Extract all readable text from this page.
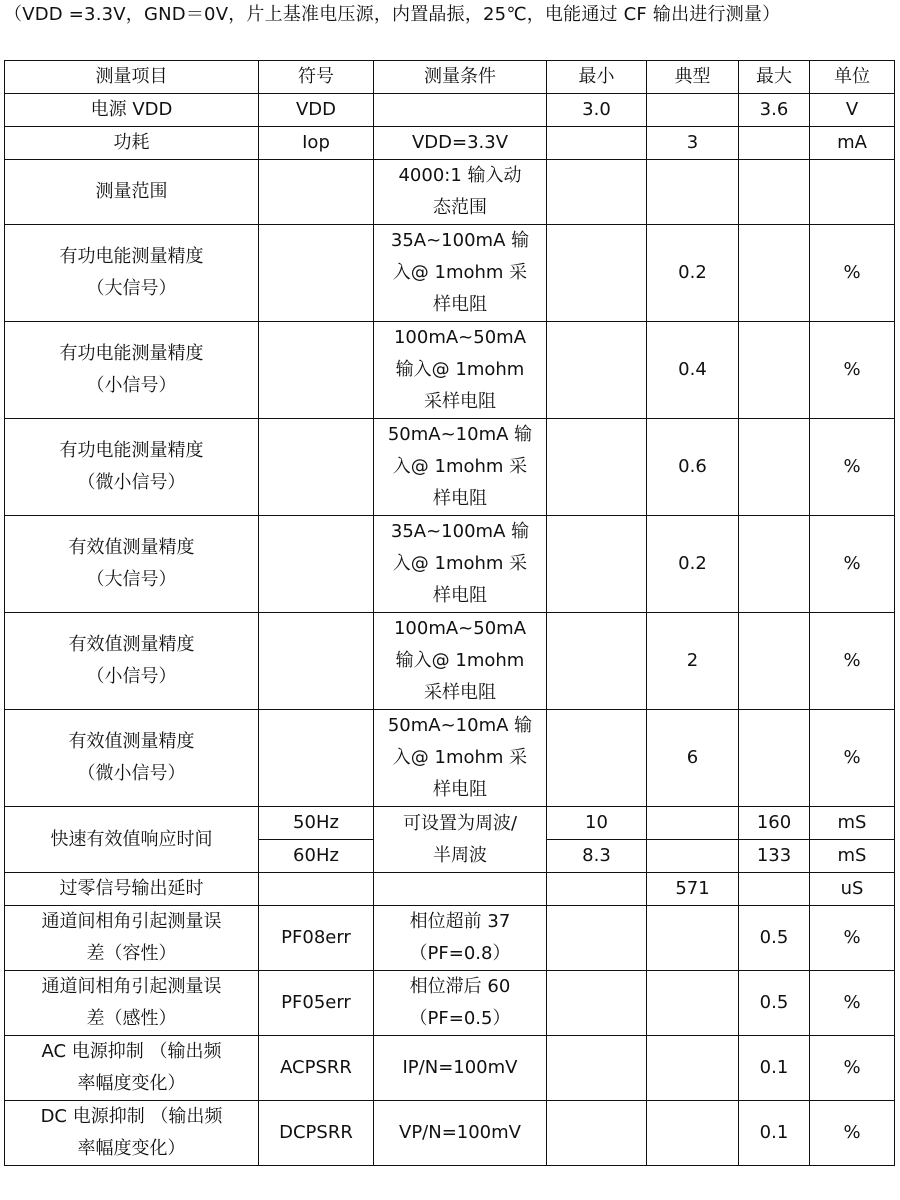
（VDD =3.3V，GND＝0V，片上基准电压源，内置晶振，25℃，电能通过 CF 输出进行测量）
测量项目	符号	测量条件	最小	典型	最大	单位

电源 VDD	VDD		3.0		3.6	V

功耗	Iop	VDD=3.3V		3		mA

测量范围		4000:1 输入动
态范围				

有功电能测量精度
（大信号）		35A~100mA 输
入@ 1mohm 采
样电阻		0.2		%

有功电能测量精度
（小信号）		100mA~50mA
输入@ 1mohm
采样电阻		0.4		%

有功电能测量精度
（微小信号）		50mA~10mA 输
入@ 1mohm 采
样电阻		0.6		%

有效值测量精度
（大信号）		35A~100mA 输
入@ 1mohm 采
样电阻		0.2		%

有效值测量精度
（小信号）		100mA~50mA
输入@ 1mohm
采样电阻		2		%

有效值测量精度
（微小信号）		50mA~10mA 输
入@ 1mohm 采
样电阻		6		%
快速有效值响应时间	50Hz	可设置为周波/
半周波	10		160	mS
	60Hz		8.3		133	mS

过零信号输出延时				571		uS

通道间相角引起测量误
差（容性）	PF08err	相位超前 37
（PF=0.8）			0.5	%

通道间相角引起测量误
差（感性）	PF05err	相位滞后 60
（PF=0.5）			0.5	%

AC 电源抑制 （输出频
率幅度变化）	ACPSRR	IP/N=100mV			0.1	%

DC 电源抑制 （输出频
率幅度变化）	DCPSRR	VP/N=100mV			0.1	%
